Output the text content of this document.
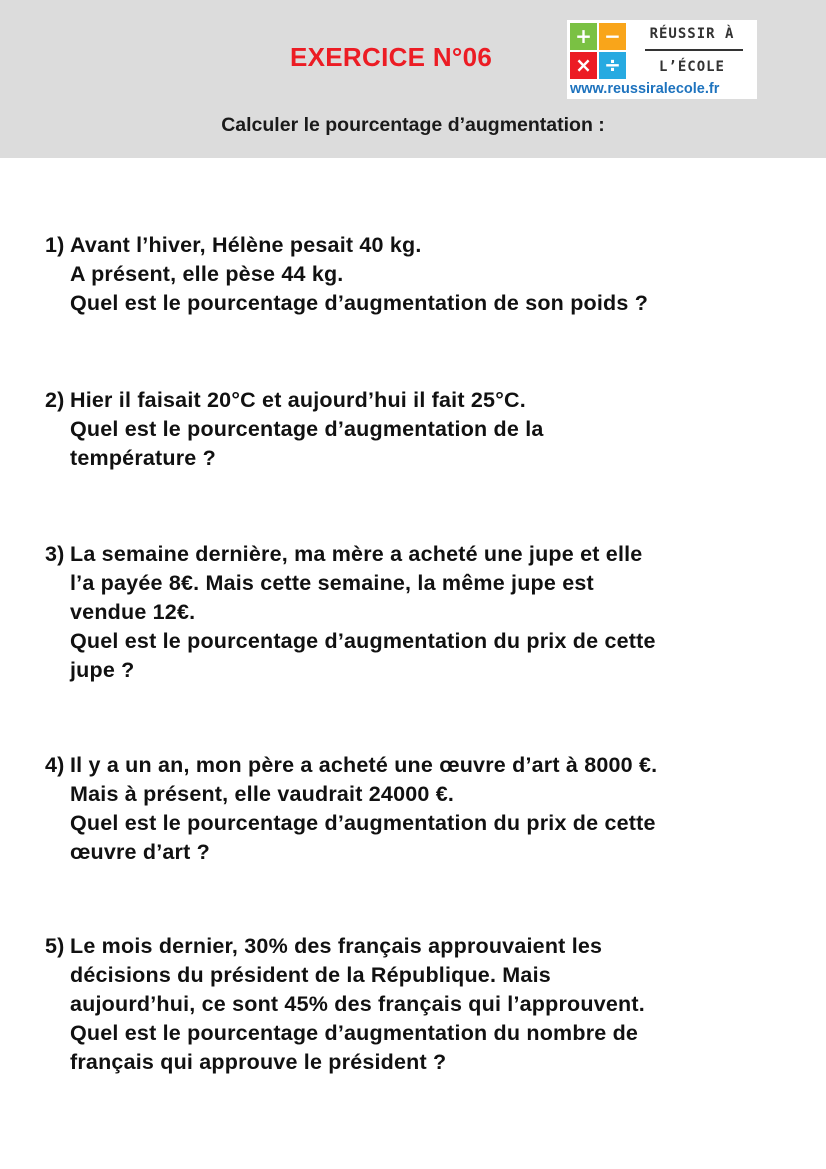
EXERCICE N°06
+ −
× ÷
RÉUSSIR À
L’ÉCOLE
www.reussiralecole.fr
Calculer le pourcentage d’augmentation :
1) Avant l’hiver, Hélène pesait 40 kg.
A présent, elle pèse 44 kg.
Quel est le pourcentage d’augmentation de son poids ?
2) Hier il faisait 20°C et aujourd’hui il fait 25°C.
Quel est le pourcentage d’augmentation de la
température ?
3) La semaine dernière, ma mère a acheté une jupe et elle
l’a payée 8€. Mais cette semaine, la même jupe est
vendue 12€.
Quel est le pourcentage d’augmentation du prix de cette
jupe ?
4) Il y a un an, mon père a acheté une œuvre d’art à 8000 €.
Mais à présent, elle vaudrait 24000 €.
Quel est le pourcentage d’augmentation du prix de cette
œuvre d’art ?
5) Le mois dernier, 30% des français approuvaient les
décisions du président de la République. Mais
aujourd’hui, ce sont 45% des français qui l’approuvent.
Quel est le pourcentage d’augmentation du nombre de
français qui approuve le président ?
